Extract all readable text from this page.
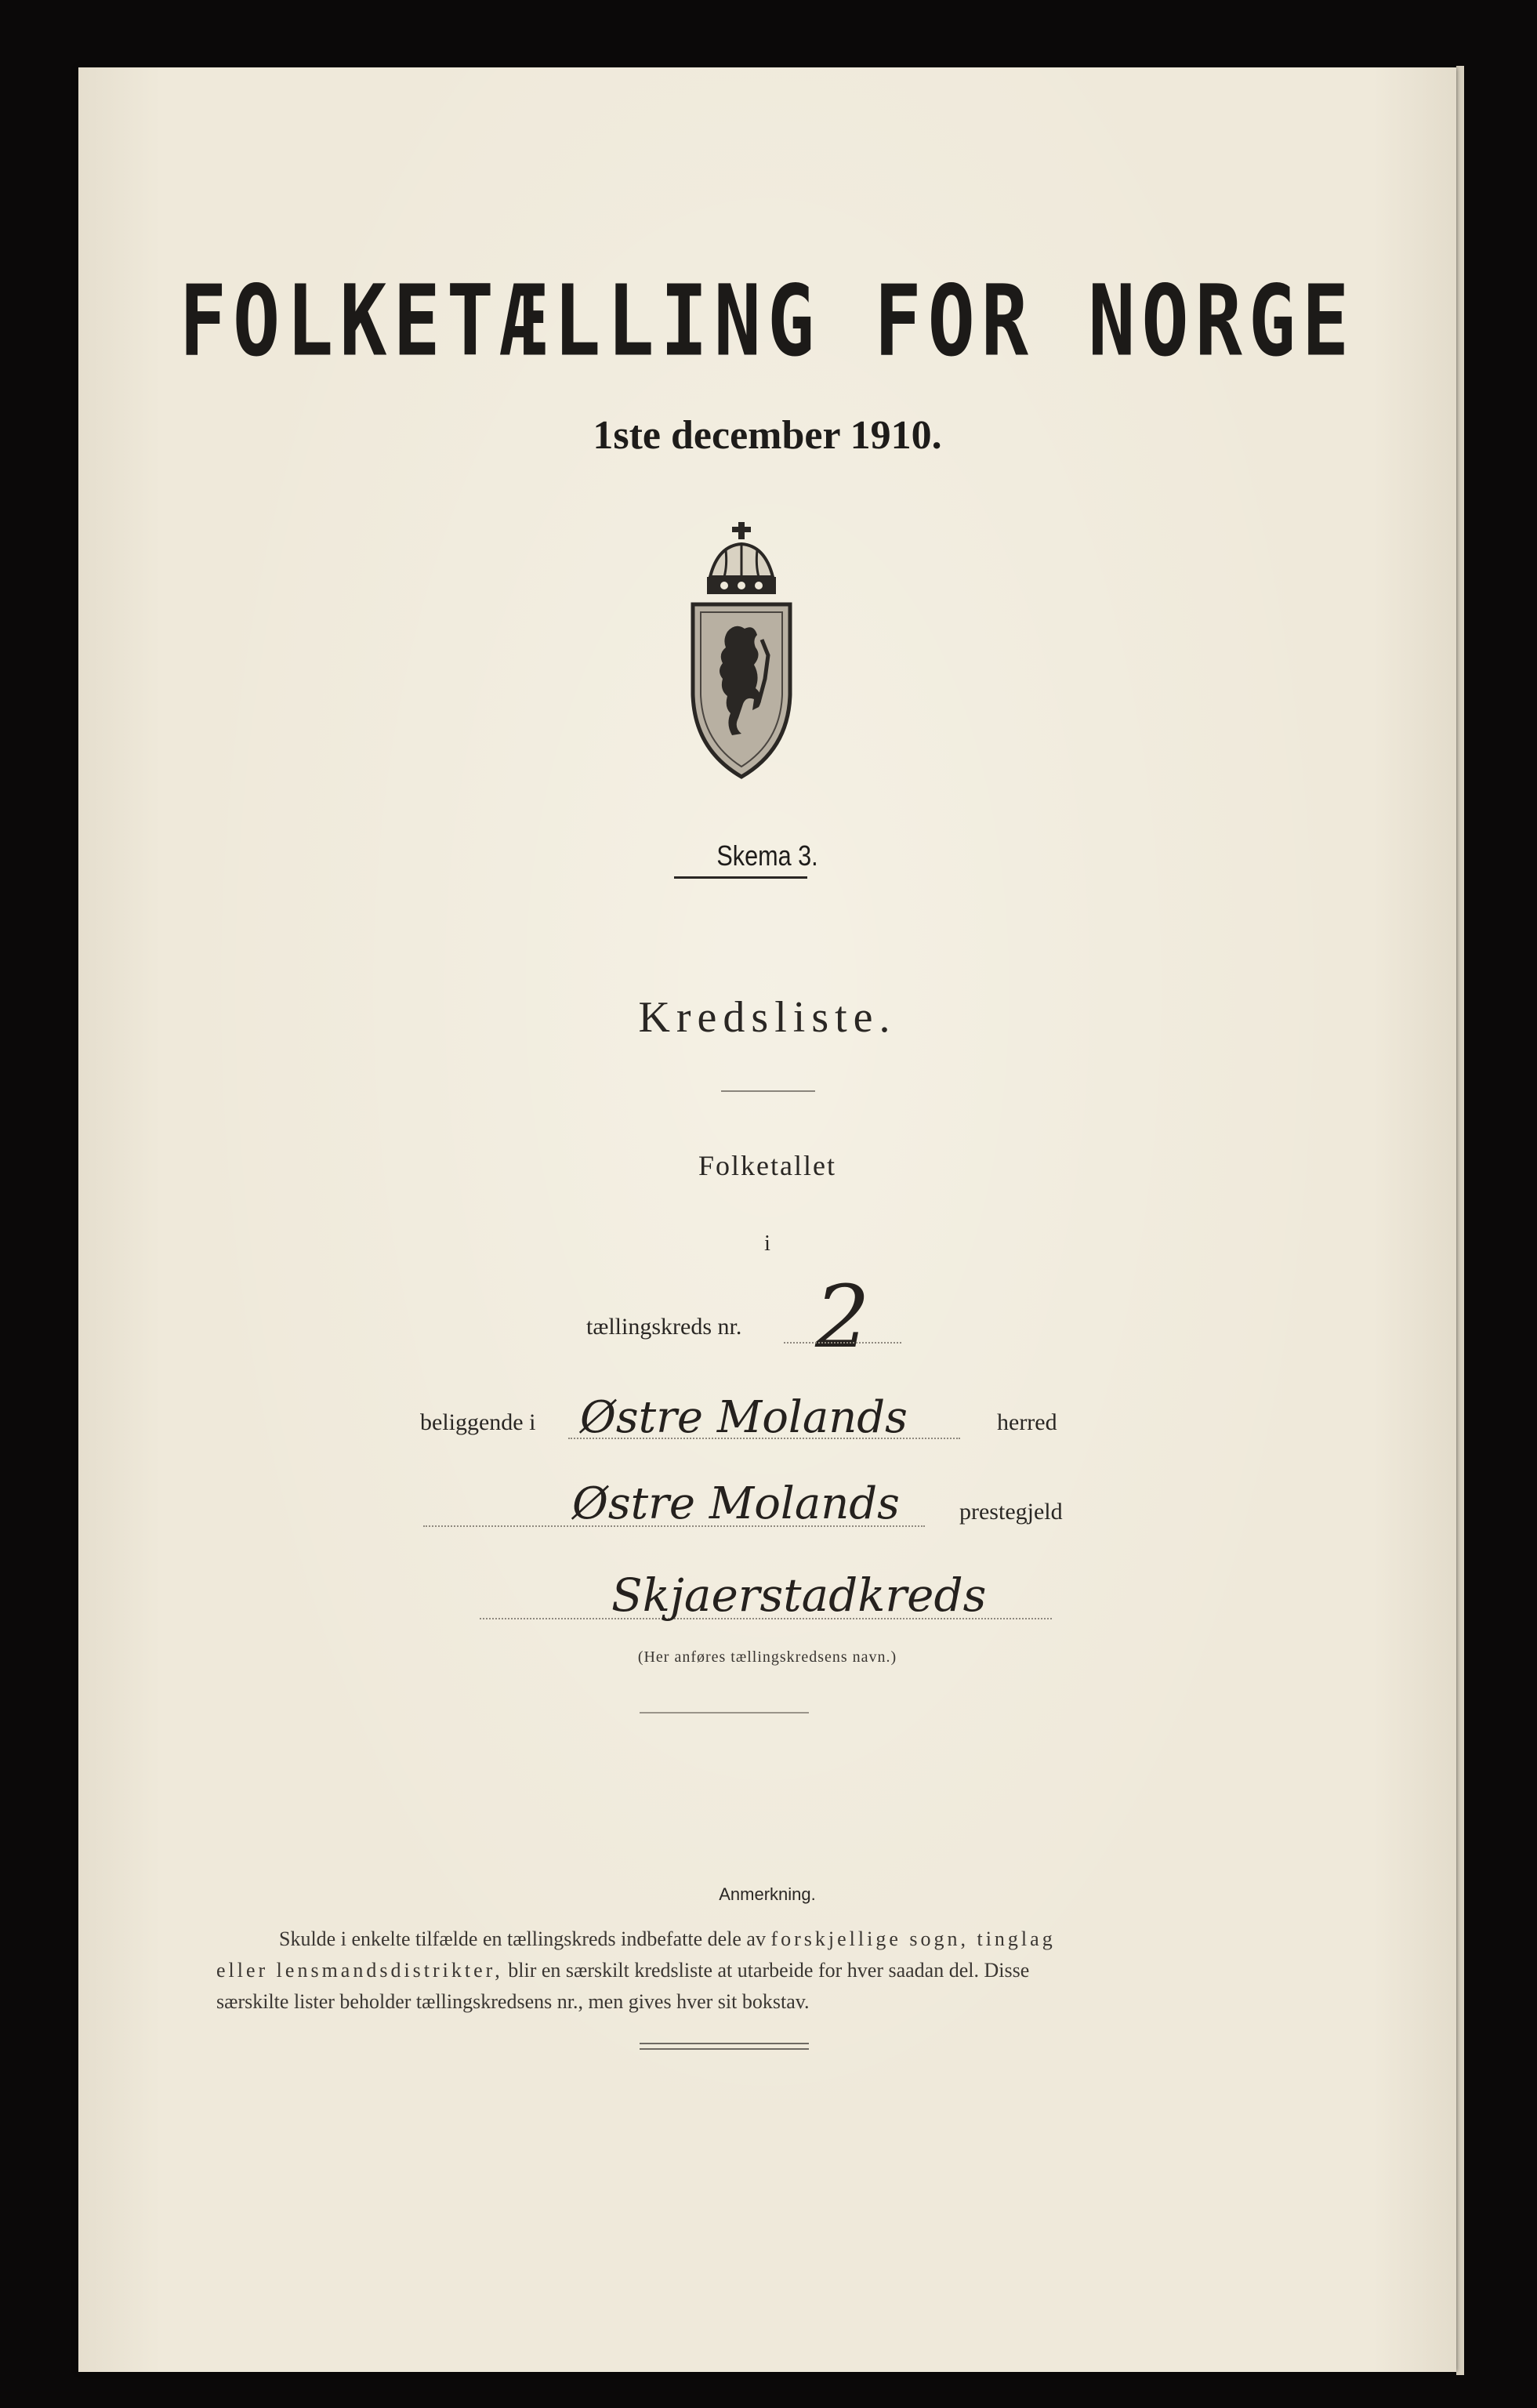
FOLKETÆLLING FOR NORGE
1ste december 1910.
Skema 3.
Kredsliste.
Folketallet
i
tællingskreds nr. 2
beliggende i Østre Molands	herred
Østre Molands	prestegjeld
Skjaerstadkreds
(Her anføres tællingskredsens navn.)
Anmerkning.

Skulde i enkelte tilfælde en tællingskreds indbefatte dele av forskjellige sogn, tinglag

eller lensmandsdistrikter, blir en særskilt kredsliste at utarbeide for hver saadan del. Disse

særskilte lister beholder tællingskredsens nr., men gives hver sit bokstav.
